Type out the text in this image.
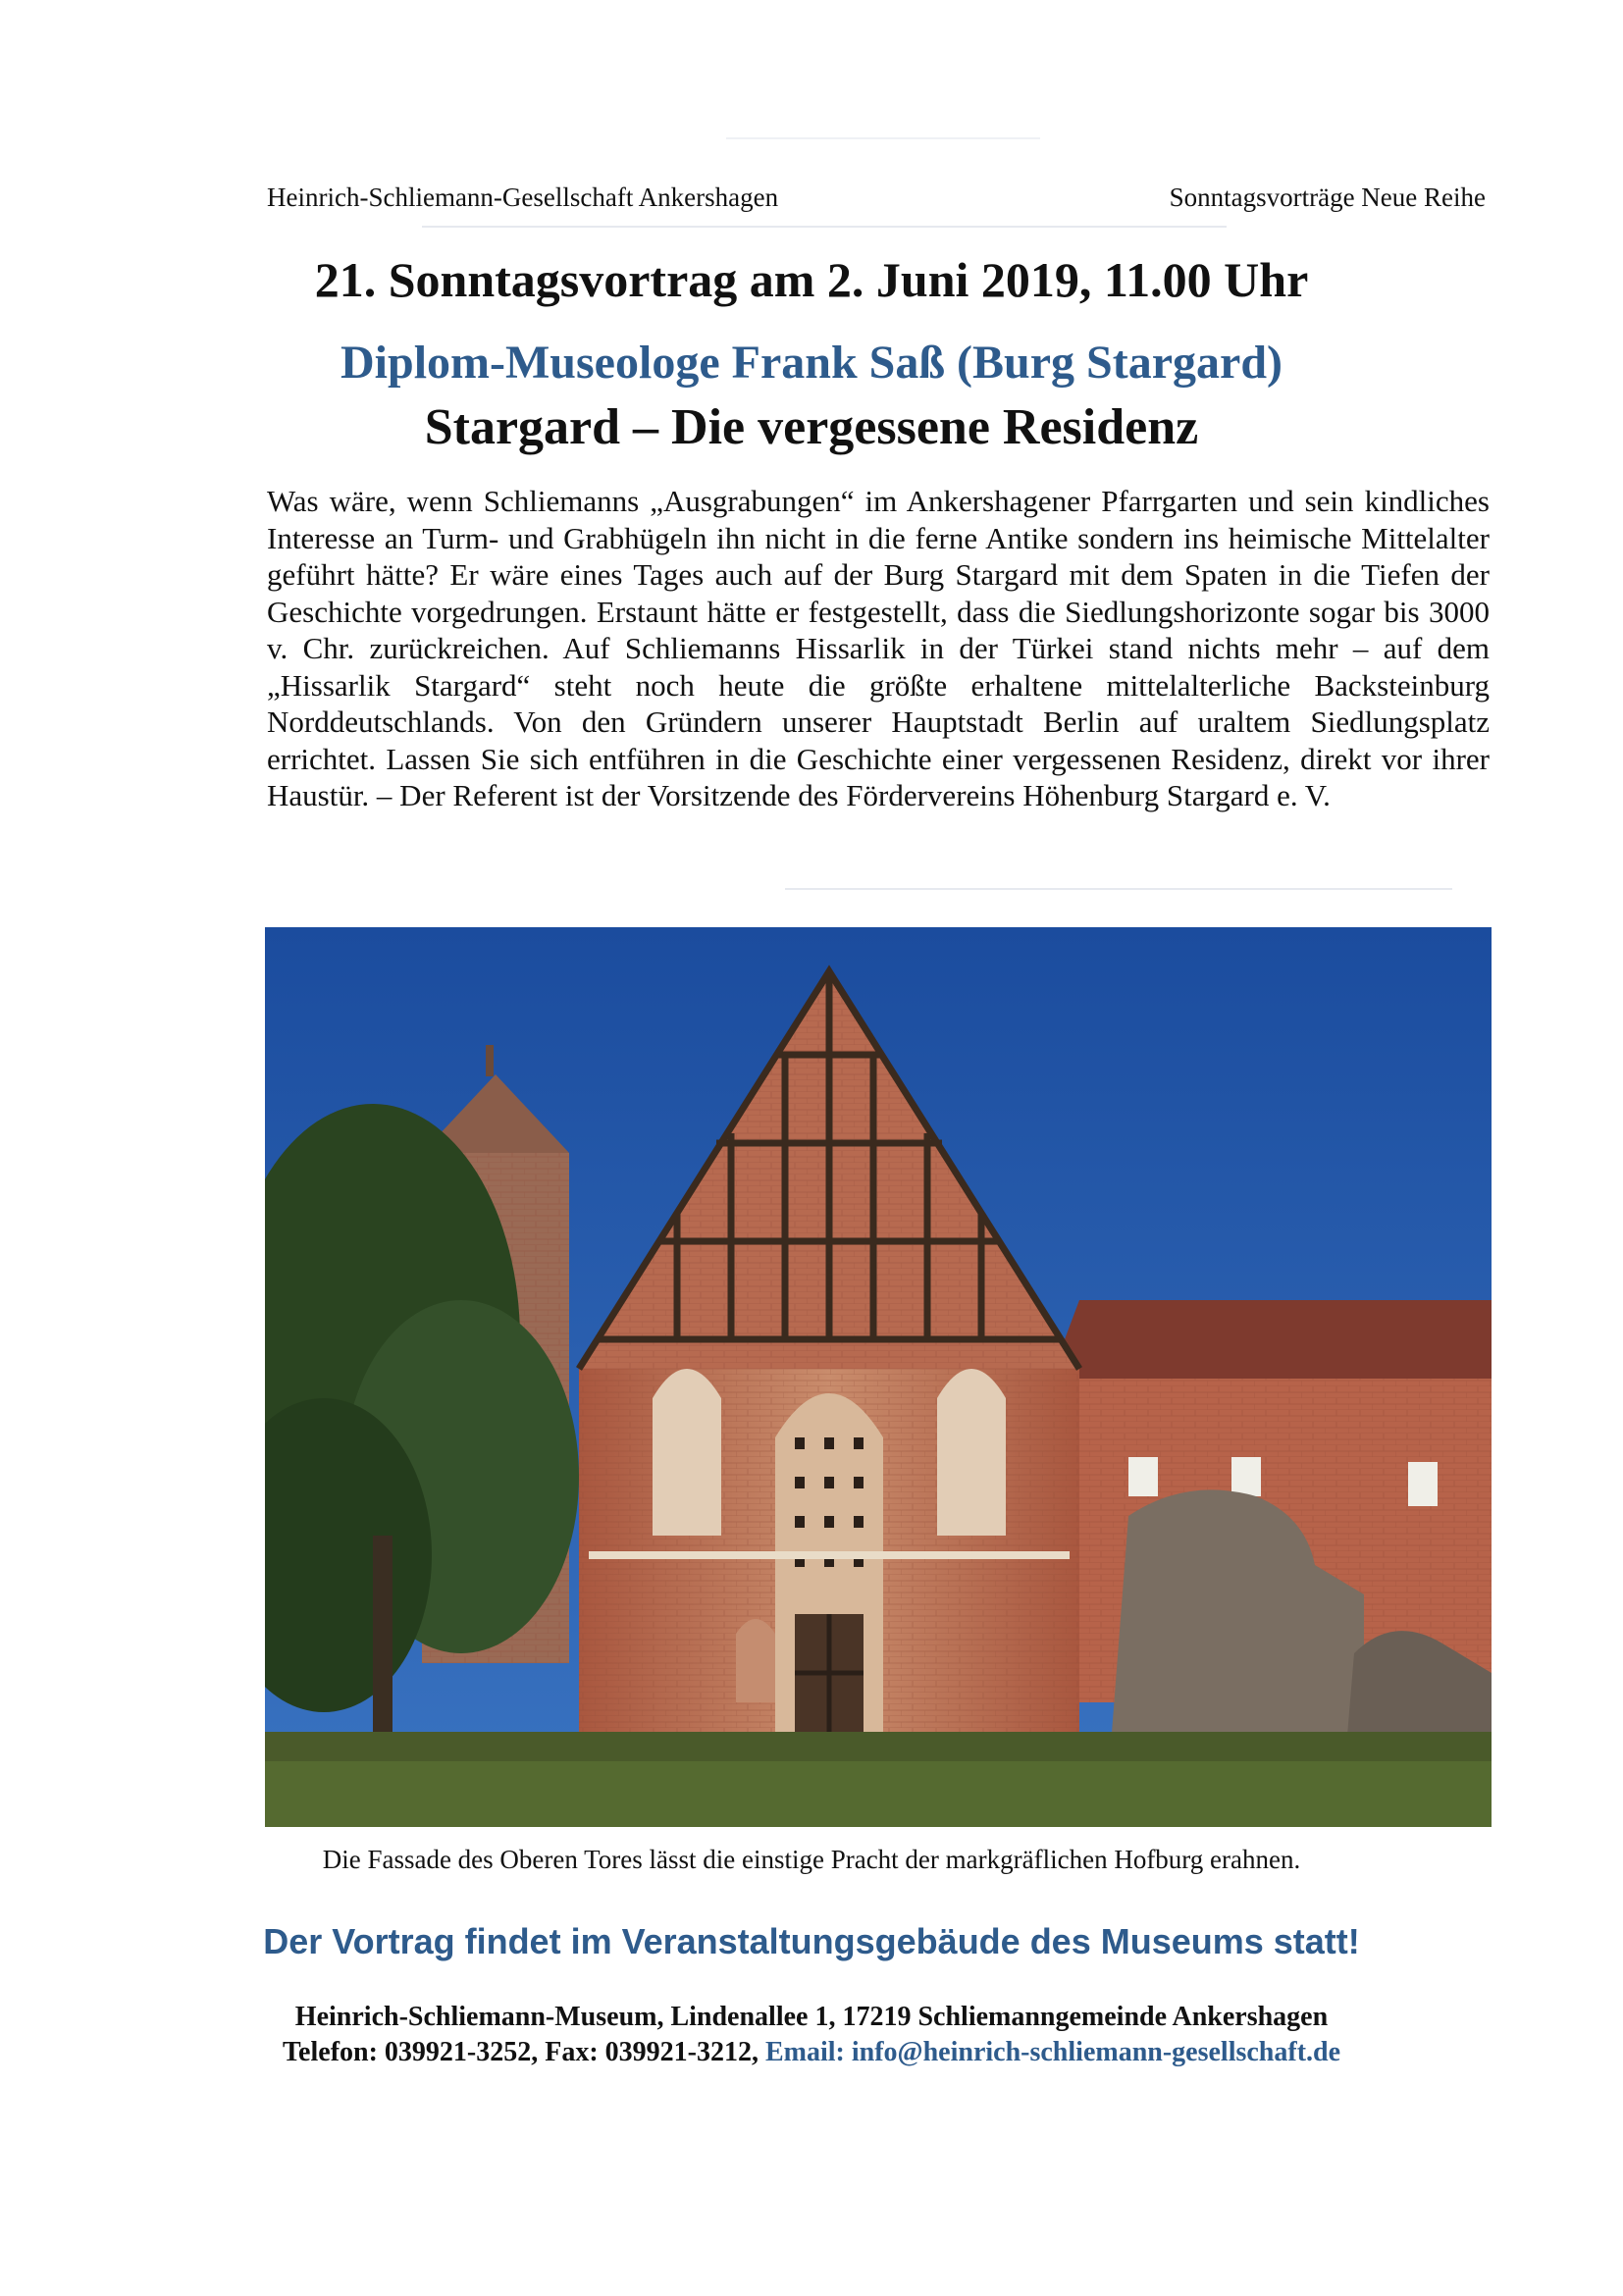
Heinrich-Schliemann-Gesellschaft Ankershagen	Sonntagsvorträge Neue Reihe
21. Sonntagsvortrag am 2. Juni 2019, 11.00 Uhr
Diplom-Museologe Frank Saß (Burg Stargard)
Stargard – Die vergessene Residenz

Was wäre, wenn Schliemanns „Ausgrabungen“ im Ankershagener Pfarrgarten und sein kindliches Interesse an Turm- und Grabhügeln ihn nicht in die ferne Antike sondern ins heimische Mittelalter geführt hätte? Er wäre eines Tages auch auf der Burg Stargard mit dem Spaten in die Tiefen der Geschichte vorgedrungen. Erstaunt hätte er festgestellt, dass die Siedlungshorizonte sogar bis 3000 v. Chr. zurückreichen. Auf Schliemanns Hissarlik in der Türkei stand nichts mehr – auf dem „Hissarlik Stargard“ steht noch heute die größte erhaltene mittelalterliche Backsteinburg Norddeutschlands. Von den Gründern unserer Hauptstadt Berlin auf uraltem Siedlungsplatz errichtet. Lassen Sie sich entführen in die Geschichte einer vergessenen Residenz, direkt vor ihrer Haustür. – Der Referent ist der Vorsitzende des Fördervereins Höhenburg Stargard e. V.

Die Fassade des Oberen Tores lässt die einstige Pracht der markgräflichen Hofburg erahnen.
Der Vortrag findet im Veranstaltungsgebäude des Museums statt!
Heinrich-Schliemann-Museum, Lindenallee 1, 17219 Schliemanngemeinde Ankershagen
Telefon: 039921-3252, Fax: 039921-3212, Email: info@heinrich-schliemann-gesellschaft.de
